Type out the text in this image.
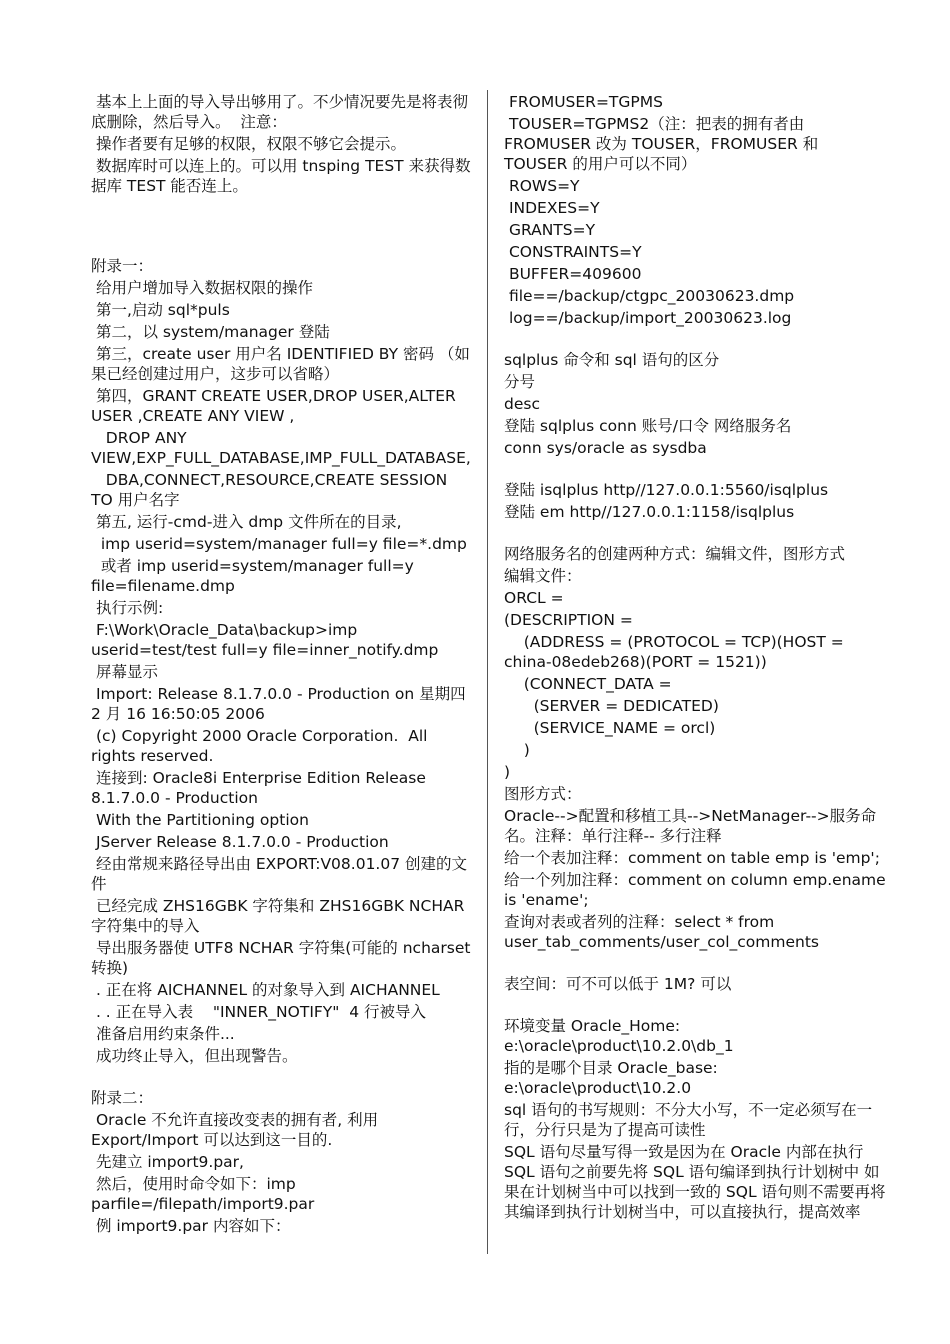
基本上上面的导入导出够用了。不少情况要先是将表彻底删除，然后导入。  注意：
操作者要有足够的权限，权限不够它会提示。
数据库时可以连上的。可以用 tnsping TEST 来获得数据库 TEST 能否连上。
附录一：
给用户增加导入数据权限的操作
第一,启动 sql*puls
第二，以 system/manager 登陆
第三，create user 用户名 IDENTIFIED BY 密码 （如果已经创建过用户，这步可以省略）
第四，GRANT CREATE USER,DROP USER,ALTER USER ,CREATE ANY VIEW ,
DROP ANY VIEW,EXP_FULL_DATABASE,IMP_FULL_DATABASE,
DBA,CONNECT,RESOURCE,CREATE SESSION  TO 用户名字
第五, 运行-cmd-进入 dmp 文件所在的目录,
imp userid=system/manager full=y file=*.dmp
或者 imp userid=system/manager full=y file=filename.dmp
执行示例:
F:\Work\Oracle_Data\backup>imp userid=test/test full=y file=inner_notify.dmp
屏幕显示
Import: Release 8.1.7.0.0 - Production on 星期四 2 月 16 16:50:05 2006
(c) Copyright 2000 Oracle Corporation.  All rights reserved.
连接到: Oracle8i Enterprise Edition Release 8.1.7.0.0 - Production
With the Partitioning option
JServer Release 8.1.7.0.0 - Production
经由常规来路径导出由 EXPORT:V08.01.07 创建的文件
已经完成 ZHS16GBK 字符集和 ZHS16GBK NCHAR 字符集中的导入
导出服务器使 UTF8 NCHAR 字符集(可能的 ncharset 转换)
. 正在将 AICHANNEL 的对象导入到 AICHANNEL
. . 正在导入表    "INNER_NOTIFY"  4 行被导入
准备启用约束条件...
成功终止导入，但出现警告。
附录二：
Oracle 不允许直接改变表的拥有者, 利用 Export/Import 可以达到这一目的.
先建立 import9.par,
然后，使用时命令如下：imp parfile=/filepath/import9.par
例 import9.par 内容如下：
FROMUSER=TGPMS
TOUSER=TGPMS2（注：把表的拥有者由 FROMUSER 改为 TOUSER，FROMUSER 和 TOUSER 的用户可以不同）
ROWS=Y
INDEXES=Y
GRANTS=Y
CONSTRAINTS=Y
BUFFER=409600
file==/backup/ctgpc_20030623.dmp
log==/backup/import_20030623.log
sqlplus 命令和 sql 语句的区分
分号
desc
登陆 sqlplus conn 账号/口令 网络服务名
conn sys/oracle as sysdba
登陆 isqlplus http//127.0.0.1:5560/isqlplus
登陆 em http//127.0.0.1:1158/isqlplus
网络服务名的创建两种方式：编辑文件，图形方式
编辑文件：
ORCL =
(DESCRIPTION =
(ADDRESS = (PROTOCOL = TCP)(HOST = china-08edeb268)(PORT = 1521))
(CONNECT_DATA =
(SERVER = DEDICATED)
(SERVICE_NAME = orcl)
)
)
图形方式：
Oracle-->配置和移植工具-->NetManager-->服务命名。注释：单行注释-- 多行注释
给一个表加注释：comment on table emp is 'emp';
给一个列加注释：comment on column emp.ename is 'ename';
查询对表或者列的注释：select * from user_tab_comments/user_col_comments
表空间：可不可以低于 1M? 可以
环境变量 Oracle_Home:     e:\oracle\product\10.2.0\db_1
指的是哪个目录 Oracle_base:     e:\oracle\product\10.2.0
sql 语句的书写规则：不分大小写，不一定必须写在一行，分行只是为了提高可读性
SQL 语句尽量写得一致是因为在 Oracle 内部在执行 SQL 语句之前要先将 SQL 语句编译到执行计划树中 如果在计划树当中可以找到一致的 SQL 语句则不需要再将其编译到执行计划树当中，可以直接执行，提高效率
